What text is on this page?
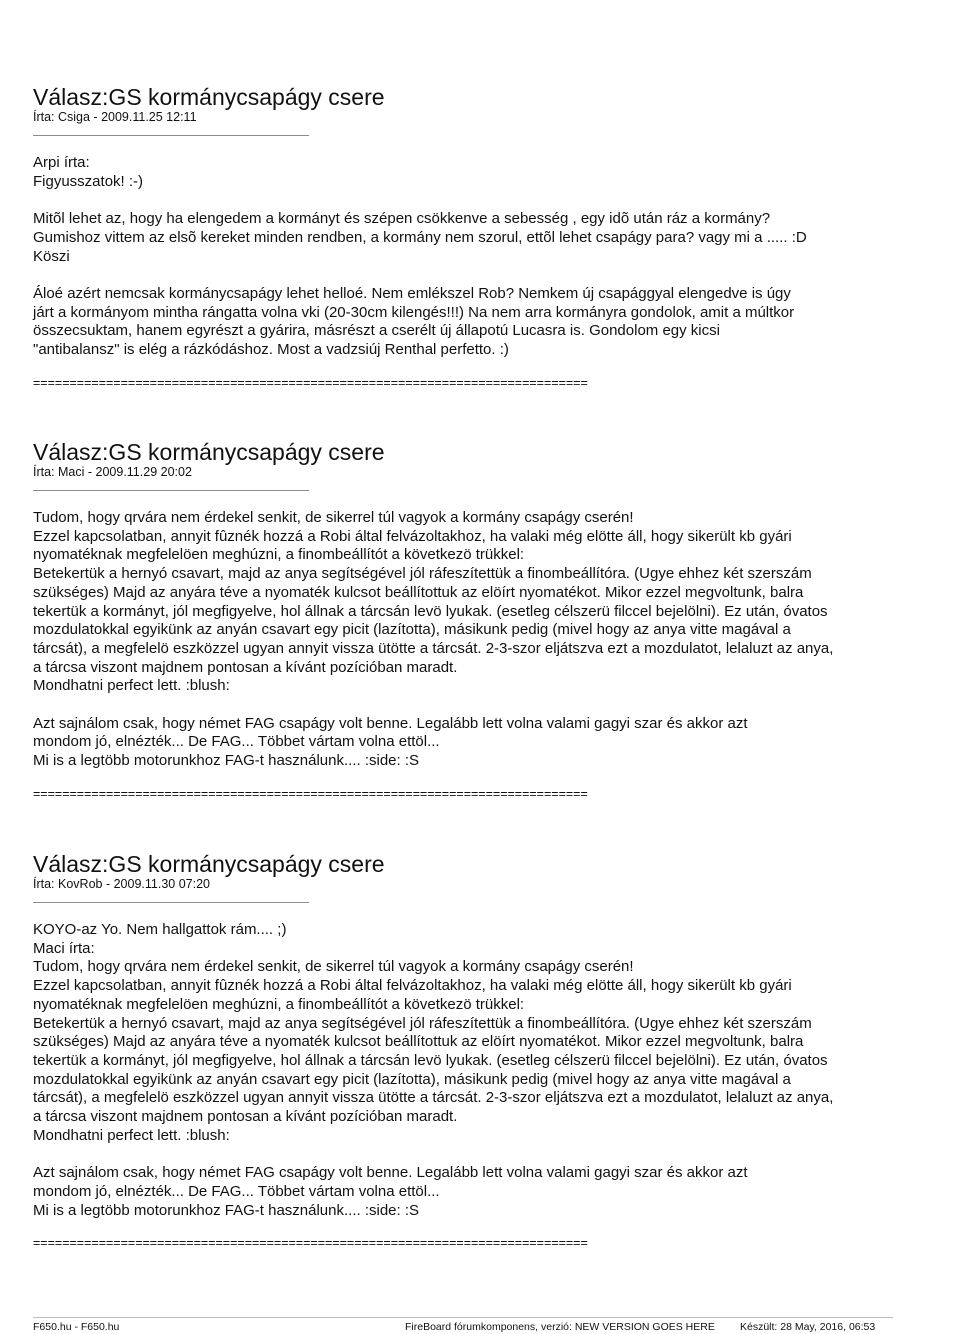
Válasz:GS kormánycsapágy csere
Írta: Csiga - 2009.11.25 12:11
Arpi írta:
Figyusszatok! :-)

Mitõl lehet az, hogy ha elengedem a kormányt és szépen csökkenve a sebesség , egy idõ után ráz a kormány?
Gumishoz vittem az elsõ kereket minden rendben, a kormány nem szorul, ettõl lehet csapágy para? vagy mi a ..... :D
Köszi

Áloé azért nemcsak kormánycsapágy lehet helloé. Nem emlékszel Rob? Nemkem új csapággyal elengedve is úgy
járt a kormányom mintha rángatta volna vki (20-30cm kilengés!!!) Na nem arra kormányra gondolok, amit a múltkor
összecsuktam, hanem egyrészt a gyárira, másrészt a cserélt új állapotú Lucasra is. Gondolom egy kicsi
"antibalansz" is elég a rázkódáshoz. Most a vadzsiúj Renthal perfetto. :)
============================================================================
Válasz:GS kormánycsapágy csere
Írta: Maci - 2009.11.29 20:02
Tudom, hogy qrvára nem érdekel senkit, de sikerrel túl vagyok a kormány csapágy cserén!
Ezzel kapcsolatban, annyit fûznék hozzá a Robi által felvázoltakhoz, ha valaki még elötte áll, hogy sikerült kb gyári
nyomatéknak megfelelöen meghúzni, a finombeállítót a következö trükkel:
Betekertük a hernyó csavart, majd az anya segítségével jól ráfeszítettük a finombeállítóra. (Ugye ehhez két szerszám
szükséges) Majd az anyára téve a nyomaték kulcsot beállítottuk az elöírt nyomatékot. Mikor ezzel megvoltunk, balra
tekertük a kormányt, jól megfigyelve, hol állnak a tárcsán levö lyukak. (esetleg célszerü filccel bejelölni). Ez után, óvatos
mozdulatokkal egyikünk az anyán csavart egy picit (lazította), másikunk pedig (mivel hogy az anya vitte magával a
tárcsát), a megfelelö eszközzel ugyan annyit vissza ütötte a tárcsát. 2-3-szor eljátszva ezt a mozdulatot, lelaluzt az anya,
a tárcsa viszont majdnem pontosan a kívánt pozícióban maradt.
Mondhatni perfect lett. :blush:

Azt sajnálom csak, hogy német FAG csapágy volt benne. Legalább lett volna valami gagyi szar és akkor azt
mondom jó, elnézték... De FAG... Többet vártam volna ettöl...
Mi is a legtöbb motorunkhoz FAG-t használunk.... :side: :S
============================================================================
Válasz:GS kormánycsapágy csere
Írta: KovRob - 2009.11.30 07:20
KOYO-az Yo. Nem hallgattok rám.... ;)
Maci írta:
Tudom, hogy qrvára nem érdekel senkit, de sikerrel túl vagyok a kormány csapágy cserén!
Ezzel kapcsolatban, annyit fûznék hozzá a Robi által felvázoltakhoz, ha valaki még elötte áll, hogy sikerült kb gyári
nyomatéknak megfelelöen meghúzni, a finombeállítót a következö trükkel:
Betekertük a hernyó csavart, majd az anya segítségével jól ráfeszítettük a finombeállítóra. (Ugye ehhez két szerszám
szükséges) Majd az anyára téve a nyomaték kulcsot beállítottuk az elöírt nyomatékot. Mikor ezzel megvoltunk, balra
tekertük a kormányt, jól megfigyelve, hol állnak a tárcsán levö lyukak. (esetleg célszerü filccel bejelölni). Ez után, óvatos
mozdulatokkal egyikünk az anyán csavart egy picit (lazította), másikunk pedig (mivel hogy az anya vitte magával a
tárcsát), a megfelelö eszközzel ugyan annyit vissza ütötte a tárcsát. 2-3-szor eljátszva ezt a mozdulatot, lelaluzt az anya,
a tárcsa viszont majdnem pontosan a kívánt pozícióban maradt.
Mondhatni perfect lett. :blush:

Azt sajnálom csak, hogy német FAG csapágy volt benne. Legalább lett volna valami gagyi szar és akkor azt
mondom jó, elnézték... De FAG... Többet vártam volna ettöl...
Mi is a legtöbb motorunkhoz FAG-t használunk.... :side: :S
============================================================================
F650.hu - F650.hu	FireBoard fórumkomponens, verzió: NEW VERSION GOES HERE Készült: 28 May, 2016, 06:53
